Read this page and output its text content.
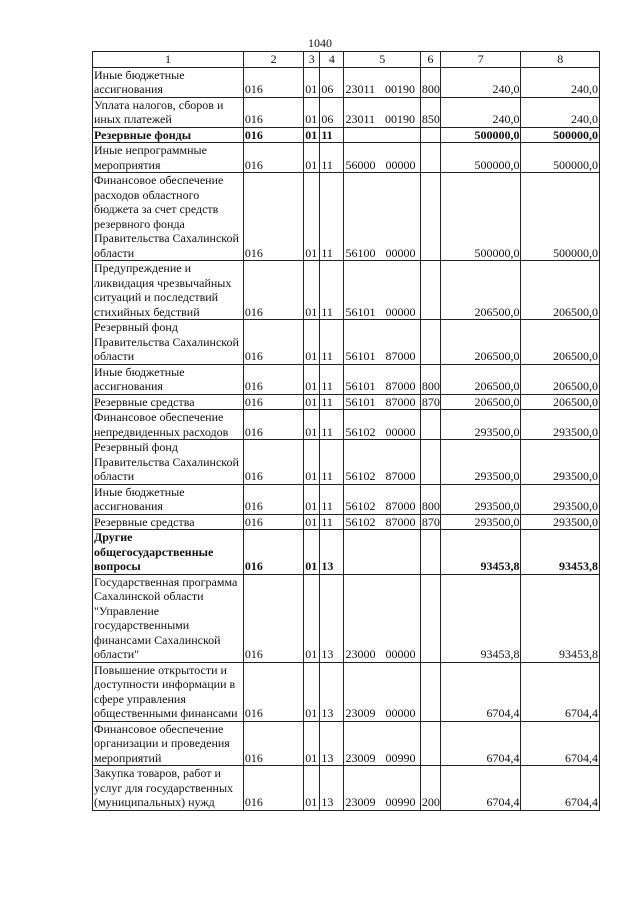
1040
1	2	3	4	5	6	7	8
Иные бюджетные ассигнования	016	01	06	23011 00190	800	240,0	240,0
Уплата налогов, сборов и иных платежей	016	01	06	23011 00190	850	240,0	240,0
Резервные фонды	016	01	11			500000,0	500000,0
Иные непрограммные мероприятия	016	01	11	56000 00000		500000,0	500000,0
Финансовое обеспечение расходов областного бюджета за счет средств резервного фонда Правительства Сахалинской области	016	01	11	56100 00000		500000,0	500000,0
Предупреждение и ликвидация чрезвычайных ситуаций и последствий стихийных бедствий	016	01	11	56101 00000		206500,0	206500,0
Резервный фонд Правительства Сахалинской области	016	01	11	56101 87000		206500,0	206500,0
Иные бюджетные ассигнования	016	01	11	56101 87000	800	206500,0	206500,0
Резервные средства	016	01	11	56101 87000	870	206500,0	206500,0
Финансовое обеспечение непредвиденных расходов	016	01	11	56102 00000		293500,0	293500,0
Резервный фонд Правительства Сахалинской области	016	01	11	56102 87000		293500,0	293500,0
Иные бюджетные ассигнования	016	01	11	56102 87000	800	293500,0	293500,0
Резервные средства	016	01	11	56102 87000	870	293500,0	293500,0
Другие общегосударственные вопросы	016	01	13			93453,8	93453,8
Государственная программа Сахалинской области "Управление государственными финансами Сахалинской области"	016	01	13	23000 00000		93453,8	93453,8
Повышение открытости и доступности информации в сфере управления общественными финансами	016	01	13	23009 00000		6704,4	6704,4
Финансовое обеспечение организации и проведения мероприятий	016	01	13	23009 00990		6704,4	6704,4
Закупка товаров, работ и услуг для государственных (муниципальных) нужд	016	01	13	23009 00990	200	6704,4	6704,4
